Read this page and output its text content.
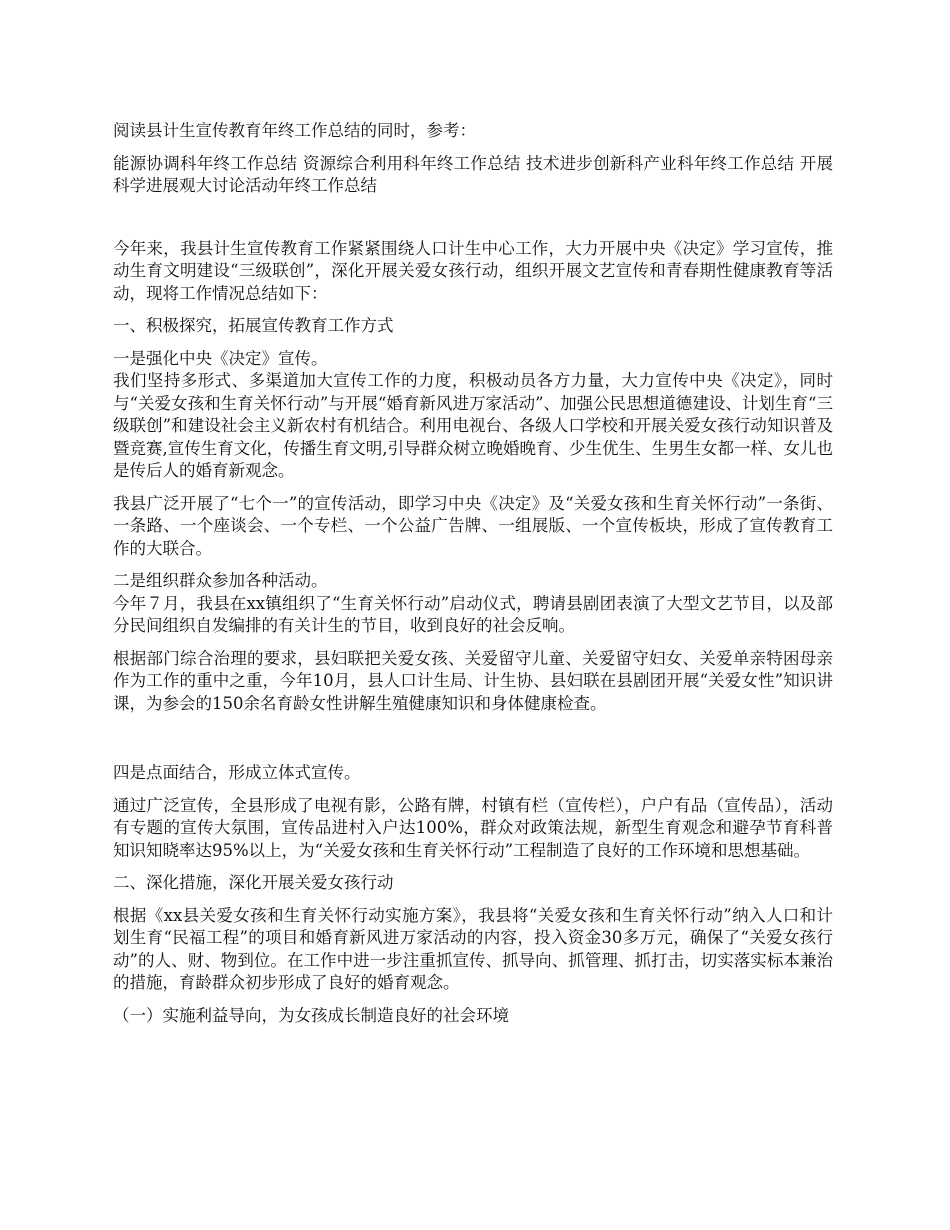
阅读县计生宣传教育年终工作总结的同时，参考：

能源协调科年终工作总结 资源综合利用科年终工作总结 技术进步创新科产业科年终工作总结 开展科学进展观大讨论活动年终工作总结

今年来，我县计生宣传教育工作紧紧围绕人口计生中心工作，大力开展中央《决定》学习宣传，推动生育文明建设“三级联创”，深化开展关爱女孩行动，组织开展文艺宣传和青春期性健康教育等活动，现将工作情况总结如下：

一、积极探究，拓展宣传教育工作方式

一是强化中央《决定》宣传。

我们坚持多形式、多渠道加大宣传工作的力度，积极动员各方力量，大力宣传中央《决定》，同时与“关爱女孩和生育关怀行动”与开展“婚育新风进万家活动”、加强公民思想道德建设、计划生育“三级联创”和建设社会主义新农村有机结合。利用电视台、各级人口学校和开展关爱女孩行动知识普及暨竞赛,宣传生育文化，传播生育文明,引导群众树立晚婚晚育、少生优生、生男生女都一样、女儿也是传后人的婚育新观念。

我县广泛开展了“七个一”的宣传活动，即学习中央《决定》及“关爱女孩和生育关怀行动”一条街、一条路、一个座谈会、一个专栏、一个公益广告牌、一组展版、一个宣传板块，形成了宣传教育工作的大联合。

二是组织群众参加各种活动。

今年７月，我县在xx镇组织了“生育关怀行动”启动仪式，聘请县剧团表演了大型文艺节目，以及部分民间组织自发编排的有关计生的节目，收到良好的社会反响。

根据部门综合治理的要求，县妇联把关爱女孩、关爱留守儿童、关爱留守妇女、关爱单亲特困母亲作为工作的重中之重，今年10月，县人口计生局、计生协、县妇联在县剧团开展“关爱女性”知识讲课，为参会的150余名育龄女性讲解生殖健康知识和身体健康检查。

四是点面结合，形成立体式宣传。

通过广泛宣传，全县形成了电视有影，公路有牌，村镇有栏（宣传栏），户户有品（宣传品），活动有专题的宣传大氛围，宣传品进村入户达100%，群众对政策法规，新型生育观念和避孕节育科普知识知晓率达95%以上，为“关爱女孩和生育关怀行动”工程制造了良好的工作环境和思想基础。

二、深化措施，深化开展关爱女孩行动

根据《xx县关爱女孩和生育关怀行动实施方案》，我县将“关爱女孩和生育关怀行动”纳入人口和计划生育“民福工程”的项目和婚育新风进万家活动的内容，投入资金30多万元，确保了“关爱女孩行动”的人、财、物到位。在工作中进一步注重抓宣传、抓导向、抓管理、抓打击，切实落实标本兼治的措施，育龄群众初步形成了良好的婚育观念。

（一）实施利益导向，为女孩成长制造良好的社会环境
